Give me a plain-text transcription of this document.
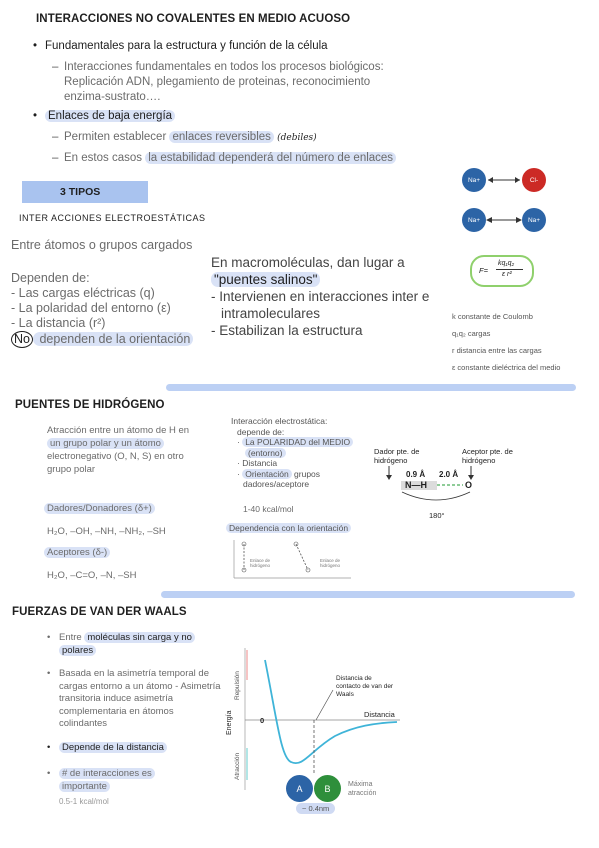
INTERACCIONES NO COVALENTES EN MEDIO ACUOSO
Fundamentales para la estructura y función de la célula
– Interacciones fundamentales en todos los procesos biológicos:
Replicación ADN, plegamiento de proteinas, reconocimiento
enzima-sustrato….
Enlaces de baja energía
Permiten establecer enlaces reversibles (debiles)
En estos casos la estabilidad dependerá del número de enlaces
3 TIPOS
INTER ACCIONES ELECTROESTÁTICAS
Entre átomos o grupos cargados
Dependen de:
- Las cargas eléctricas (q)
- La polaridad del entorno (ε)
- La distancia (r²)
No dependen de la orientación
En macromoléculas, dan lugar a
"puentes salinos"
- Intervienen en interacciones inter e
intramoleculares
- Estabilizan la estructura
Na+	Cl-
Na+	Na+
F=
kq₁q₂
ε r²
k constante de Coulomb
q₁q₂ cargas
r distancia entre las cargas
ε constante dieléctrica del medio
PUENTES DE HIDRÓGENO
Atracción entre un átomo de H en
un grupo polar y un átomo
electronegativo (O, N, S) en otro
grupo polar
Dadores/Donadores (δ+)
H₂O, –OH, –NH, –NH₂, –SH
Aceptores (δ-)
H₂O, –C=O, –N, –SH
Interacción electrostática:
depende de:
· La POLARIDAD del MEDIO
(entorno)
· Distancia
· Orientación grupos
dadores/aceptore
1-40 kcal/mol
Dependencia con la orientación
Enlace de hidrógeno
Enlace de hidrógeno
Dador pte. de hidrógeno
Aceptor pte. de hidrógeno
0.9 Å 2.0 Å
N—H	O
180°
FUERZAS DE VAN DER WAALS
Entre moléculas sin carga y no
polares
Basada en la asimetría temporal de
cargas entorno a un átomo - Asimetría
transitoria induce asimetría
complementaria en átomos
colindantes
Depende de la distancia
# de interacciones es
importante
0.5-1 kcal/mol
Energía
Repulsión
Atracción
0
Distancia
Distancia de contacto de van der Waals
A	B	Máxima atracción
~ 0.4nm
